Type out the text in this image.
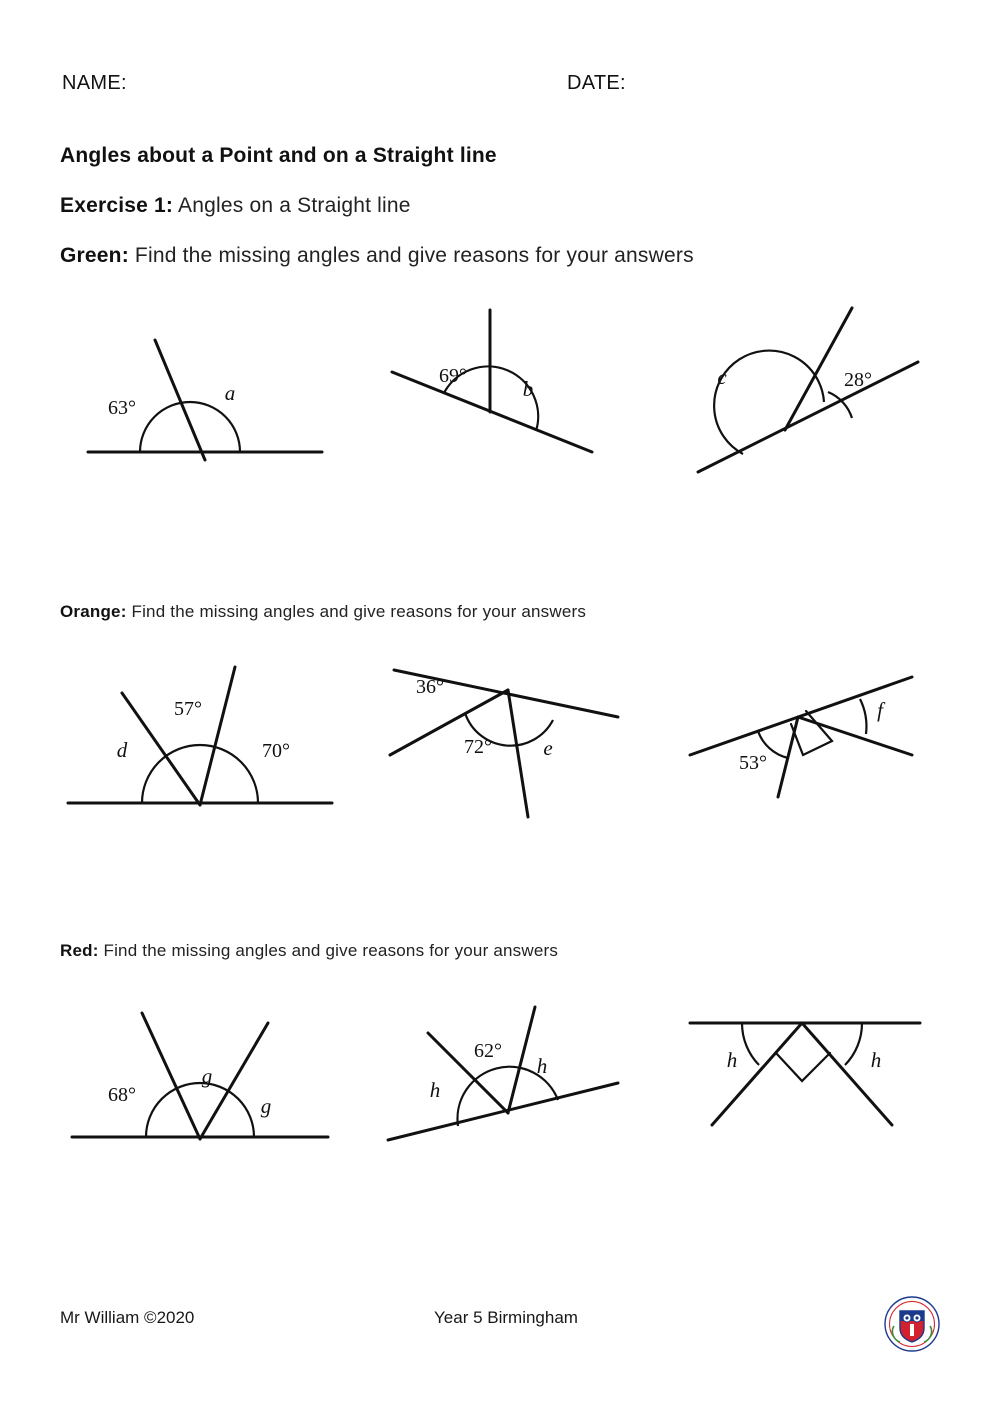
NAME:	DATE:
Angles about a Point and on a Straight line
Exercise 1: Angles on a Straight line
Green: Find the missing angles and give reasons for your answers
Orange: Find the missing angles and give reasons for your answers
Red: Find the missing angles and give reasons for your answers
63°
a
69°
b	c	28°
d
57°
70°
36°
72° e
53°
f
68°
g
g
h
62°
h	h	h
Mr William ©2020	Year 5 Birmingham
